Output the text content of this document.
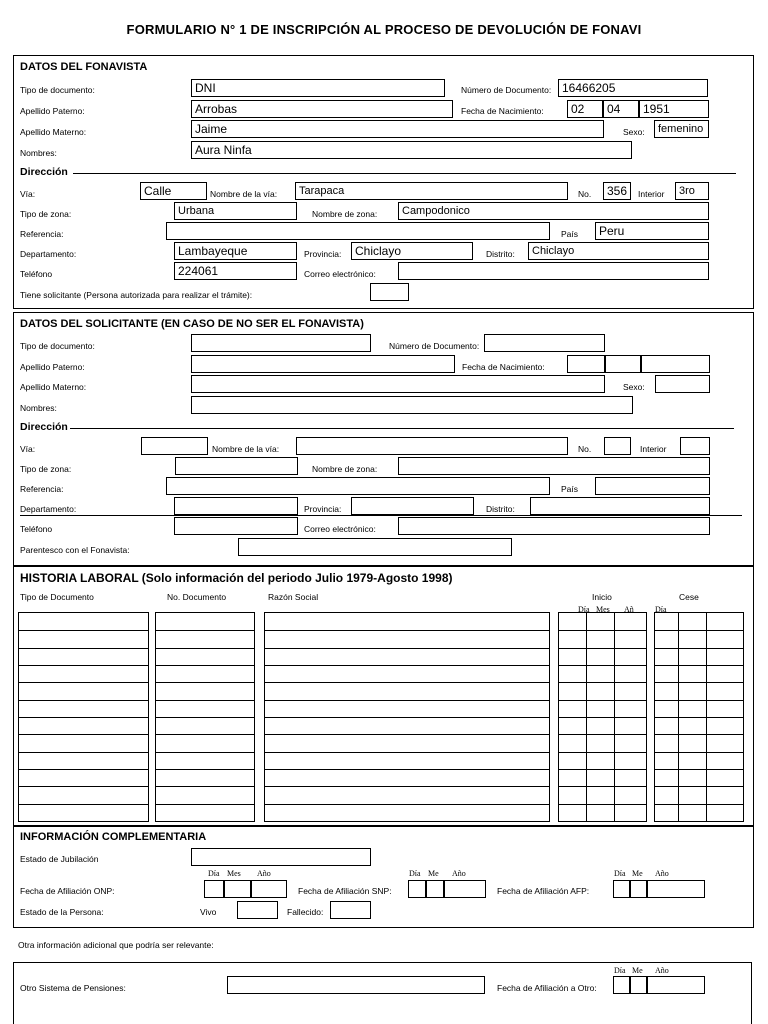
FORMULARIO N° 1 DE INSCRIPCIÓN AL PROCESO DE DEVOLUCIÓN DE FONAVI
DATOS DEL FONAVISTA
Tipo de documento:	DNI	Número de Documento: 16466205
Apellido Paterno:	Arrobas	Fecha de Nacimiento:	02	04	1951
Apellido Materno:	Jaime	Sexo:	femenino
Nombres:	Aura Ninfa
Dirección
Vía:	Calle	Nombre de la vía:	Tarapaca	No.	356	Interior	3ro
Tipo de zona:	Urbana	Nombre de zona:	Campodonico
Referencia:	País	Peru
Departamento:	Lambayeque	Provincia:	Chiclayo	Distrito:	Chiclayo
Teléfono	224061	Correo electrónico:
Tiene solicitante (Persona autorizada para realizar el trámite):
DATOS DEL SOLICITANTE (EN CASO DE NO SER EL FONAVISTA)
Tipo de documento:	Número de Documento:
Apellido Paterno:	Fecha de Nacimiento:
Apellido Materno:	Sexo:
Nombres:
Dirección
Vía:	Nombre de la vía:	No.	Interior
Tipo de zona:	Nombre de zona:
Referencia:	País
Departamento:	Provincia:	Distrito:
Teléfono	Correo electrónico:
Parentesco con el Fonavista:
HISTORIA LABORAL (Solo información del periodo Julio 1979-Agosto 1998)
Tipo de Documento	No. Documento	Razón Social	Inicio	Cese
Día Mes Añ	Día
INFORMACIÓN COMPLEMENTARIA
Estado de Jubilación
Día Mes Año	Día Me Año	Día Me Año
Fecha de Afiliación ONP:	Fecha de Afiliación SNP:	Fecha de Afiliación AFP:
Estado de la Persona:	Vivo	Fallecido:
Otra información adicional que podría ser relevante:
Día Me Año
Otro Sistema de Pensiones:	Fecha de Afiliación a Otro:
